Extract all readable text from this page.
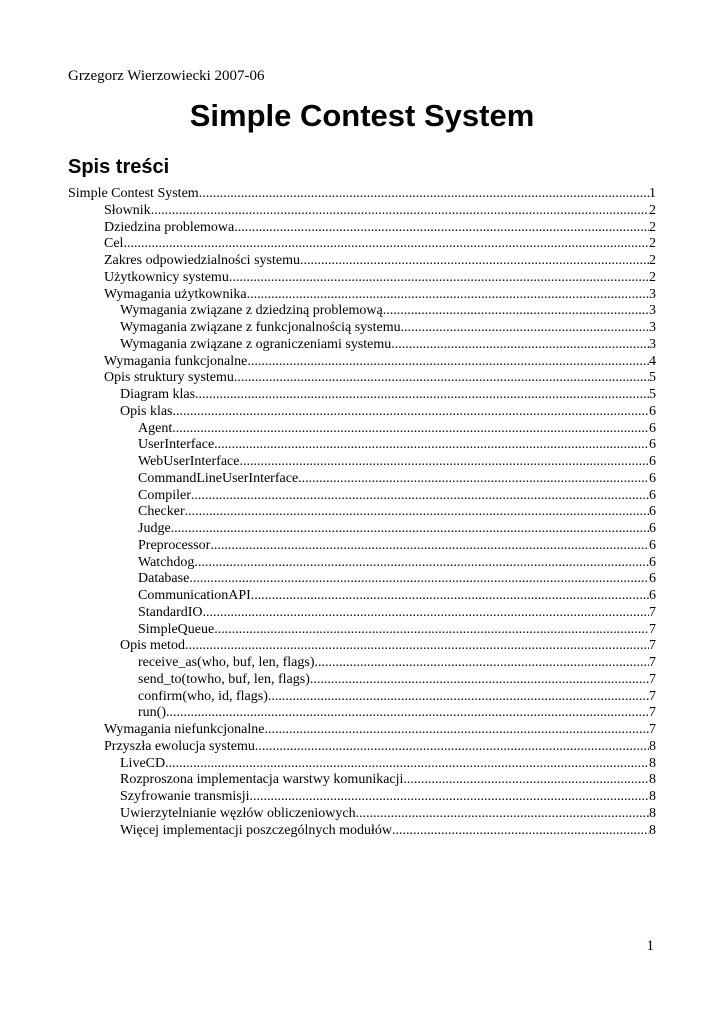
Grzegorz Wierzowiecki 2007-06
Simple Contest System
Spis treści
Simple Contest System .....	1
Słownik .....	2
Dziedzina problemowa .....	2
Cel .....	2
Zakres odpowiedzialności systemu .....	2
Użytkownicy systemu .....	2
Wymagania użytkownika .....	3
Wymagania związane z dziedziną problemową .....	3
Wymagania związane z funkcjonalnością systemu .....	3
Wymagania związane z ograniczeniami systemu .....	3
Wymagania funkcjonalne .....	4
Opis struktury systemu .....	5
Diagram klas .....	5
Opis klas .....	6
Agent .....	6
UserInterface .....	6
WebUserInterface .....	6
CommandLineUserInterface .....	6
Compiler .....	6
Checker .....	6
Judge .....	6
Preprocessor .....	6
Watchdog .....	6
Database .....	6
CommunicationAPI .....	6
StandardIO .....	7
SimpleQueue .....	7
Opis metod .....	7
receive_as(who, buf, len, flags) .....	7
send_to(towho, buf, len, flags) .....	7
confirm(who, id, flags) .....	7
run() .....	7
Wymagania niefunkcjonalne .....	7
Przyszła ewolucja systemu .....	8
LiveCD .....	8
Rozproszona implementacja warstwy komunikacji .....	8
Szyfrowanie transmisji .....	8
Uwierzytelnianie węzłów obliczeniowych .....	8
Więcej implementacji poszczególnych modułów .....	8
1
